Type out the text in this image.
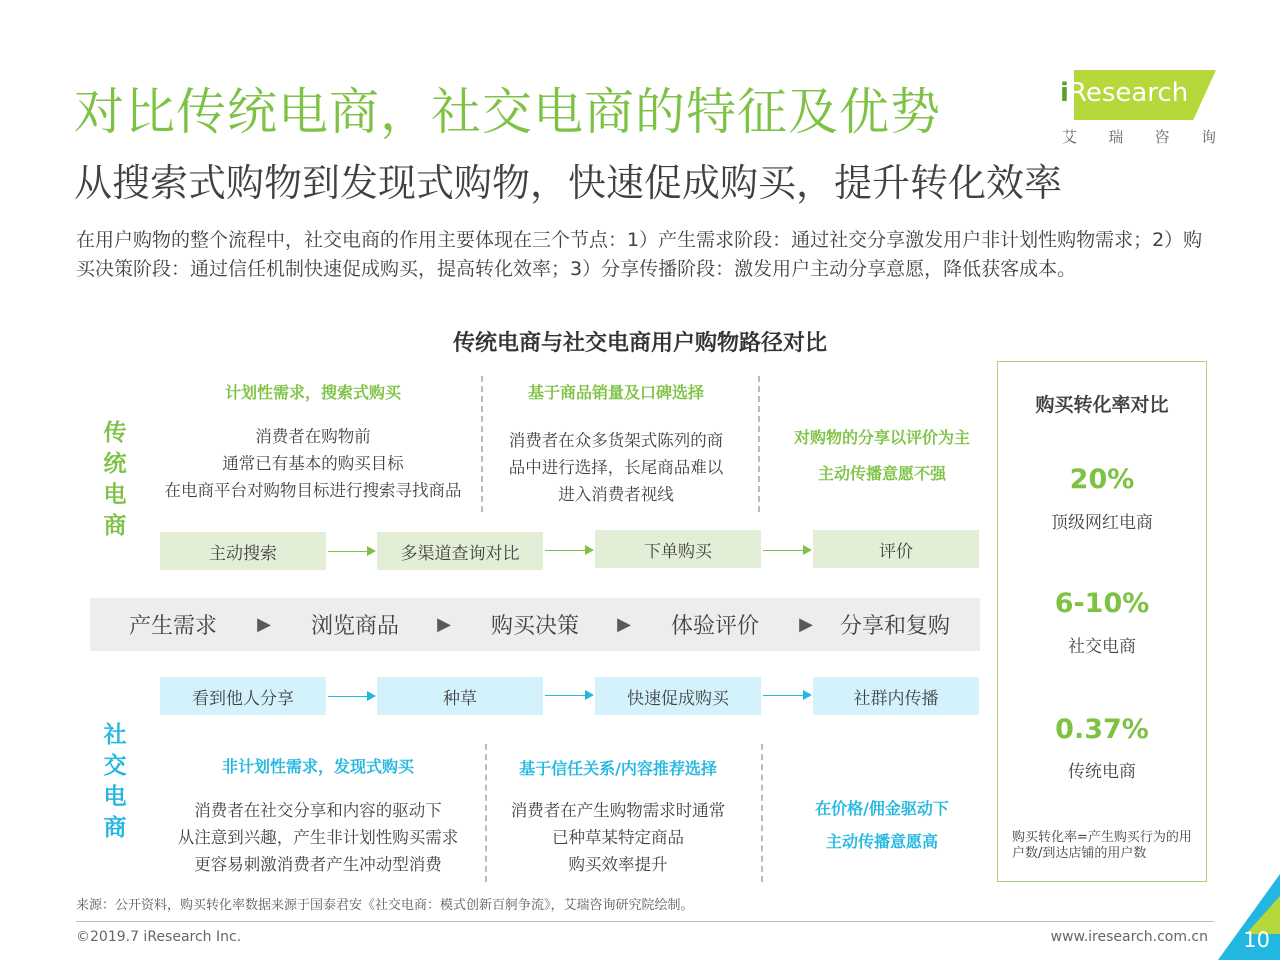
对比传统电商，社交电商的特征及优势
从搜索式购物到发现式购物，快速促成购买，提升转化效率
在用户购物的整个流程中，社交电商的作用主要体现在三个节点：1）产生需求阶段：通过社交分享激发用户非计划性购物需求；2）购买决策阶段：通过信任机制快速促成购买，提高转化效率；3）分享传播阶段：激发用户主动分享意愿，降低获客成本。
iResearch
艾 瑞 咨 询
传统电商与社交电商用户购物路径对比
传
统
电
商
计划性需求，搜索式购买
消费者在购物前
通常已有基本的购买目标
在电商平台对购物目标进行搜索寻找商品
基于商品销量及口碑选择
消费者在众多货架式陈列的商
品中进行选择，长尾商品难以
进入消费者视线
对购物的分享以评价为主
主动传播意愿不强
主动搜索	多渠道查询对比	下单购买	评价
产生需求	▶	浏览商品	▶	购买决策	▶	体验评价	▶	分享和复购
看到他人分享	种草	快速促成购买	社群内传播
社
交
电
商
非计划性需求，发现式购买
消费者在社交分享和内容的驱动下
从注意到兴趣，产生非计划性购买需求
更容易刺激消费者产生冲动型消费
基于信任关系/内容推荐选择
消费者在产生购物需求时通常
已种草某特定商品
购买效率提升
在价格/佣金驱动下
主动传播意愿高
购买转化率对比
20%
顶级网红电商
6-10%
社交电商
0.37%
传统电商
购买转化率=产生购买行为的用户数/到达店铺的用户数
来源：公开资料，购买转化率数据来源于国泰君安《社交电商：模式创新百舸争流》，艾瑞咨询研究院绘制。
©2019.7 iResearch Inc.	www.iresearch.com.cn 10
